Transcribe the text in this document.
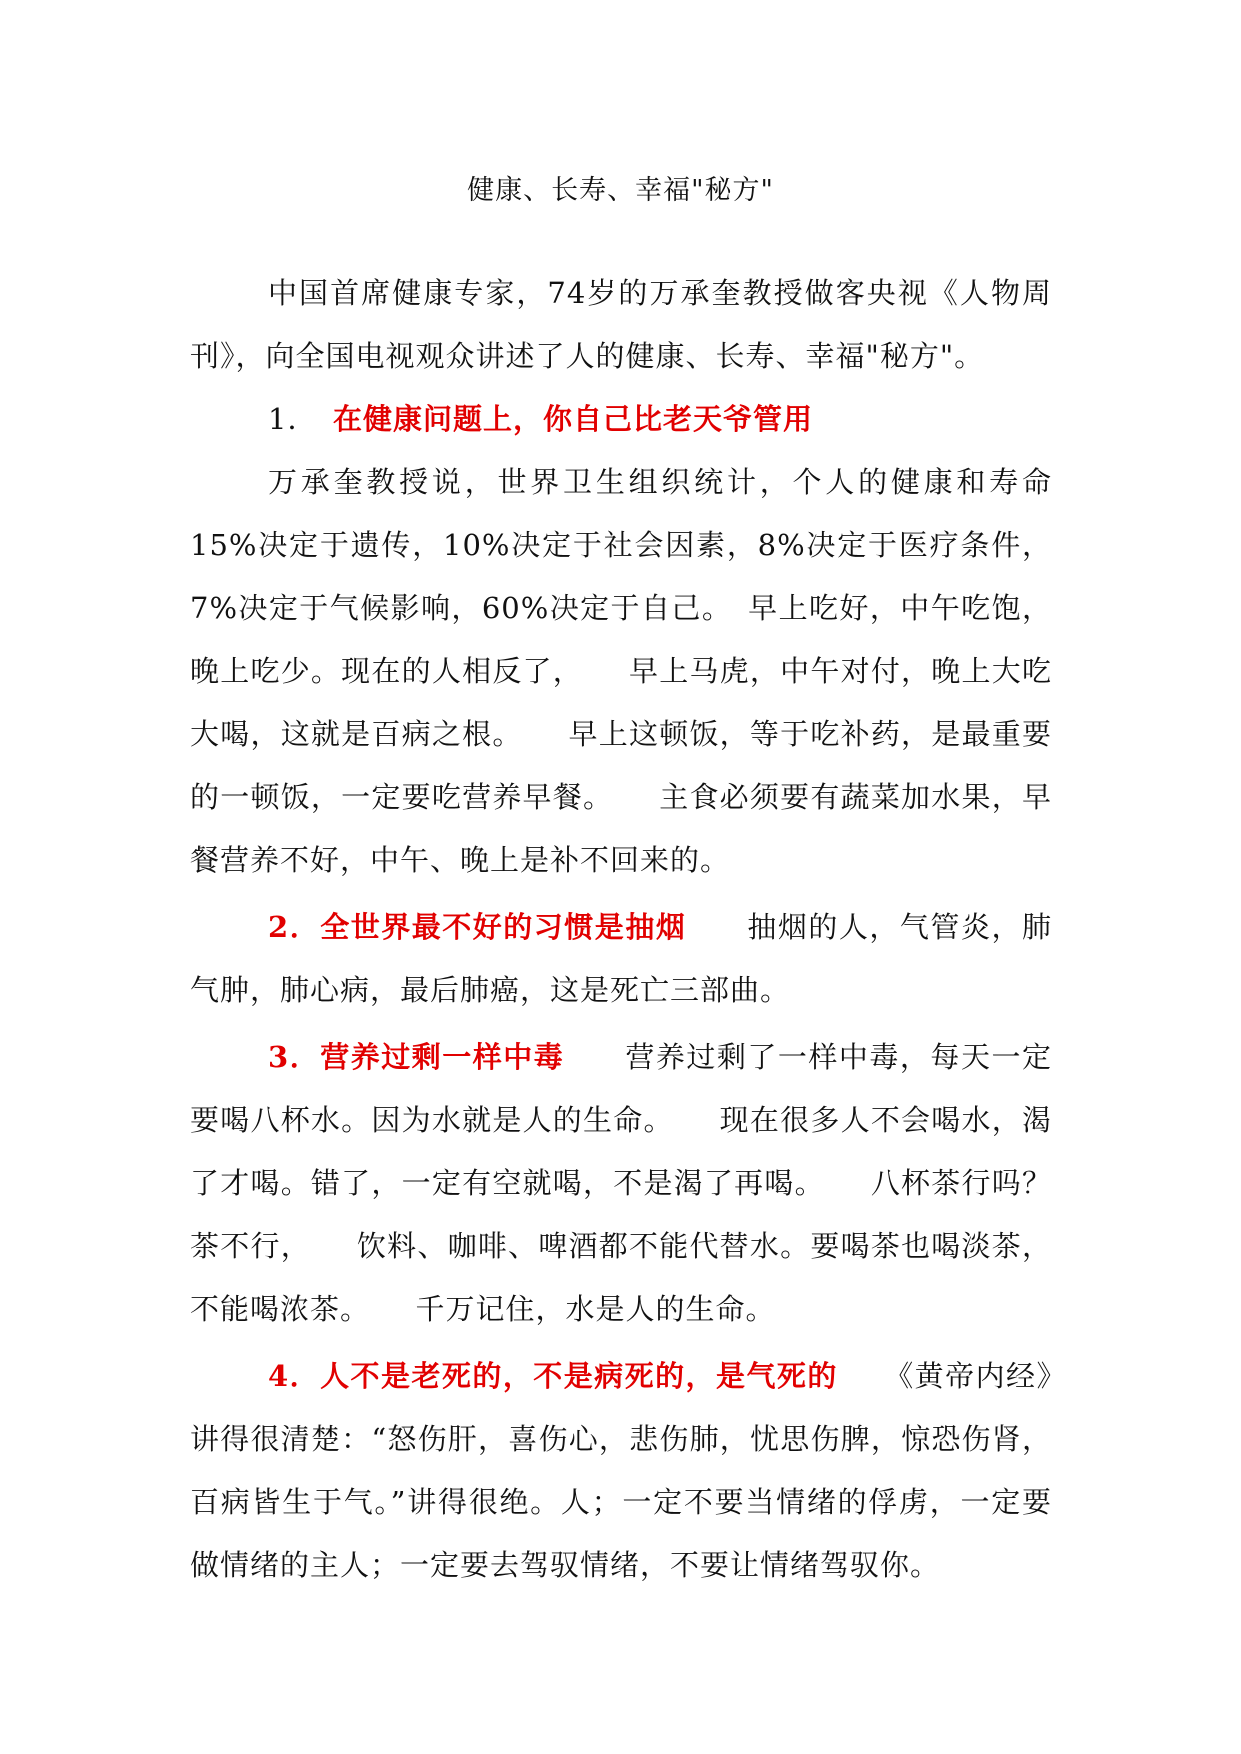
健康、长寿、幸福"秘方"

中国首席健康专家，74岁的万承奎教授做客央视《人物周刊》，向全国电视观众讲述了人的健康、长寿、幸福"秘方"。

1．　 在健康问题上，你自己比老天爷管用

万承奎教授说，世界卫生组织统计，个人的健康和寿命15%决定于遗传，10%决定于社会因素，8%决定于医疗条件，7%决定于气候影响，60%决定于自己。　早上吃好，中午吃饱，晚上吃少。现在的人相反了，　　早上马虎，中午对付，晚上大吃大喝，这就是百病之根。　　早上这顿饭，等于吃补药，是最重要的一顿饭，一定要吃营养早餐。　　主食必须要有蔬菜加水果，早餐营养不好，中午、晚上是补不回来的。

2．全世界最不好的习惯是抽烟　　抽烟的人，气管炎，肺气肿，肺心病，最后肺癌，这是死亡三部曲。

3．营养过剩一样中毒　　营养过剩了一样中毒，每天一定要喝八杯水。因为水就是人的生命。　　现在很多人不会喝水，渴了才喝。错了，一定有空就喝，不是渴了再喝。　　八杯茶行吗？茶不行，　　饮料、咖啡、啤酒都不能代替水。要喝茶也喝淡茶，不能喝浓茶。　　千万记住，水是人的生命。

4．人不是老死的，不是病死的，是气死的　　《黄帝内经》讲得很清楚：“怒伤肝，喜伤心，悲伤肺，忧思伤脾，惊恐伤肾，百病皆生于气。”讲得很绝。人；一定不要当情绪的俘虏，一定要做情绪的主人；一定要去驾驭情绪，不要让情绪驾驭你。
